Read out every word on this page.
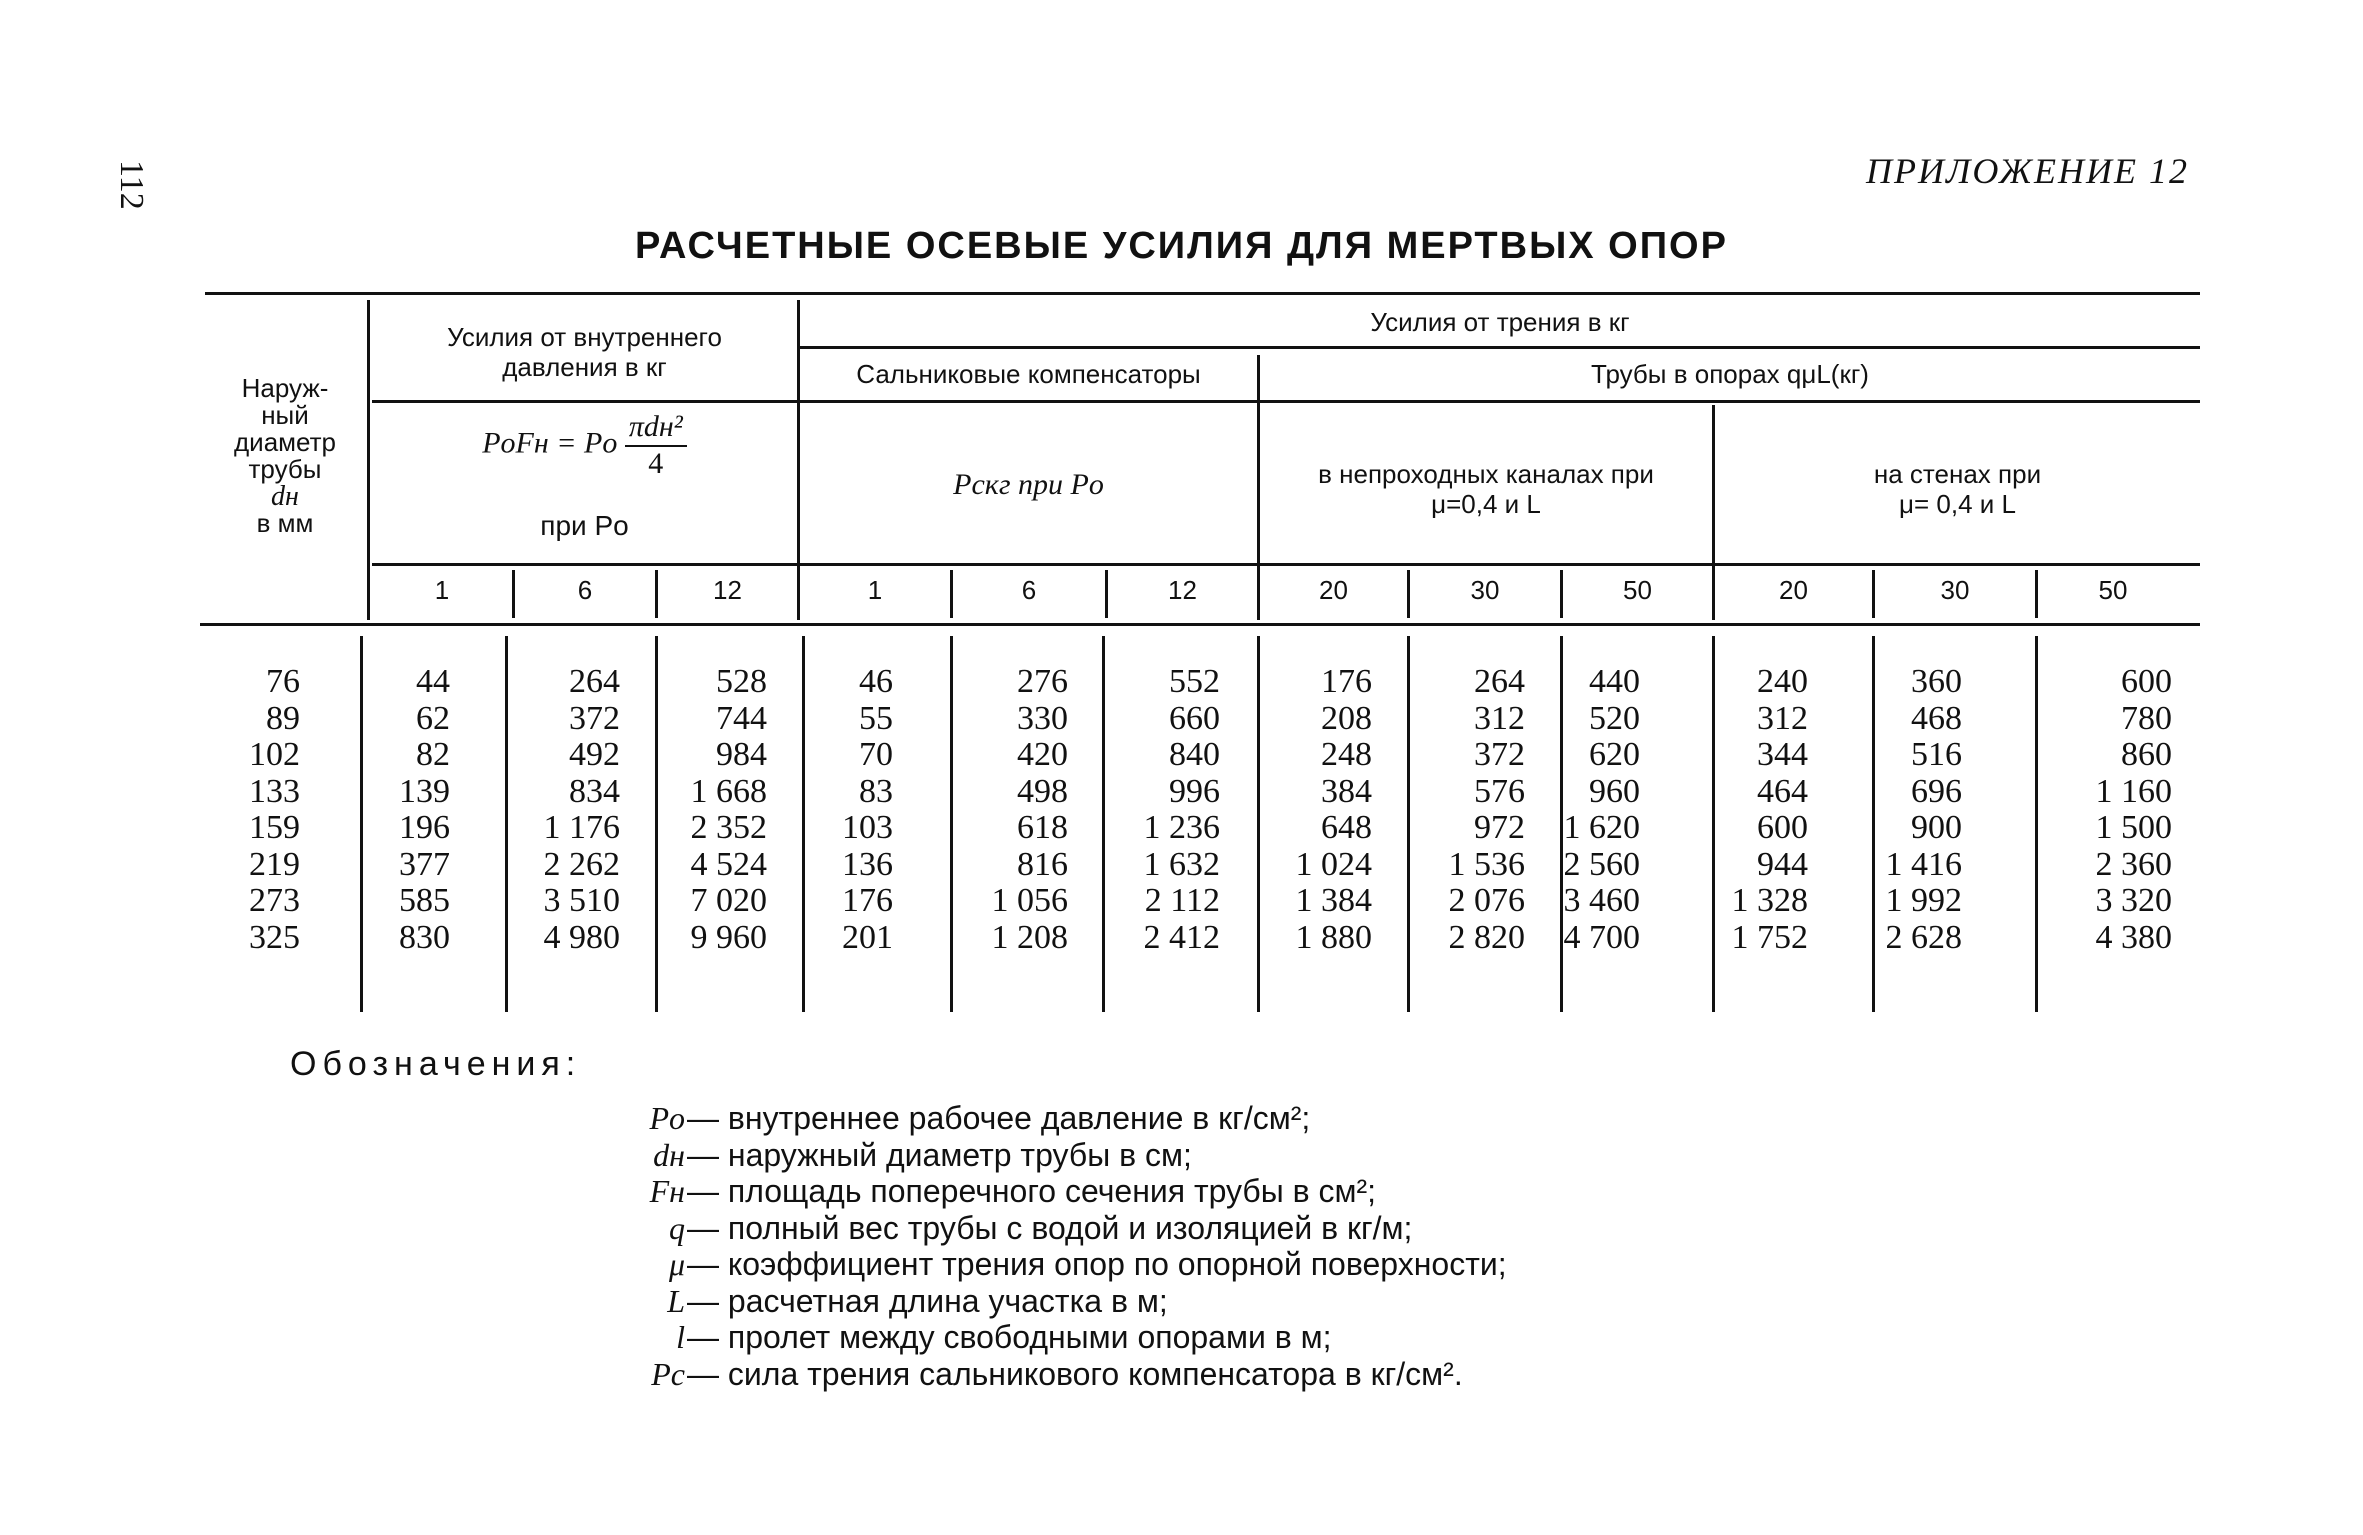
112	ПРИЛОЖЕНИЕ 12
РАСЧЕТНЫЕ ОСЕВЫЕ УСИЛИЯ ДЛЯ МЕРТВЫХ ОПОР
Наруж-
ный
диаметр
трубы
dн
в мм
Усилия от внутреннего
давления в кг
PоFн = Pо $\frac{\text{πdн²}}{4}$
при Pо
Усилия от трения в кг
Сальниковые компенсаторы	Трубы в опорах qμL(кг)
Pcкг при Pо	в непроходных каналах при
μ=0,4 и L
на стенах при
μ= 0,4 и L
1	6	12	1	6	12	20	30	50	20	30	50
76	44	264	528	46	276	552	176	264	440	240	360	600
89	62	372	744	55	330	660	208	312	520	312	468	780
102	82	492	984	70	420	840	248	372	620	344	516	860
133	139	834	1 668	83	498	996	384	576	960	464	696	1 160
159	196	1 176	2 352	103	618	1 236	648	972	1 620	600	900	1 500
219	377	2 262	4 524	136	816	1 632	1 024	1 536	2 560	944	1 416	2 360
273	585	3 510	7 020	176	1 056	2 112	1 384	2 076	3 460	1 328	1 992	3 320
325	830	4 980	9 960	201	1 208	2 412	1 880	2 820	4 700	1 752	2 628	4 380
Обозначения:
Pо — внутреннее рабочее давление в кг/см²;
dн — наружный диаметр трубы в см;
Fн — площадь поперечного сечения трубы в см²;
q — полный вес трубы с водой и изоляцией в кг/м;
μ — коэффициент трения опор по опорной поверхности;
L — расчетная длина участка в м;
l — пролет между свободными опорами в м;
Pc — сила трения сальникового компенсатора в кг/см².
